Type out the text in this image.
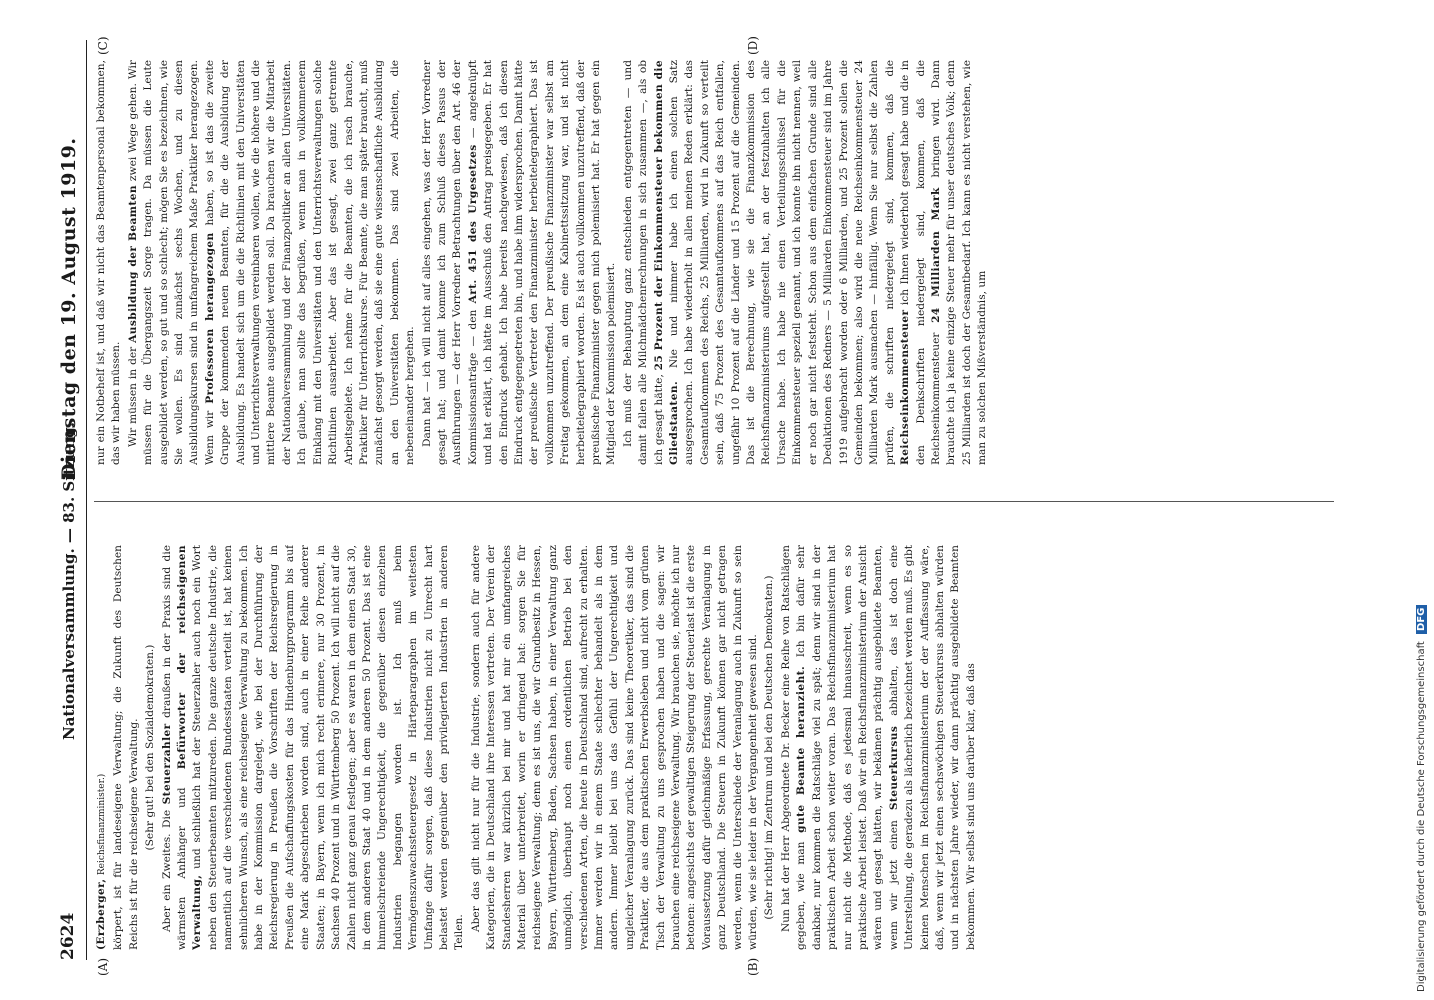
2624
Nationalversammlung. — 83. Sitzung.
Dienstag den 19. August 1919.
(A)	(B)
(C)	(D)

(Erzberger, Reichsfinanzminister.) körpert, ist für landeseigene Verwaltung; die Zukunft des Deutschen Reichs ist für die reichseigene Verwaltung. (Sehr gut! bei den Sozialdemokraten.)

Aber ein Zweites. Die Steuerzahler draußen in der Praxis sind die wärmsten Anhänger und Befürworter der reichseigenen Verwaltung, und schließlich hat der Steuerzahler auch noch ein Wort neben den Steuerbeamten mitzureden. Die ganze deutsche Industrie, die namentlich auf die verschiedenen Bundesstaaten verteilt ist, hat keinen sehnlicheren Wunsch, als eine reichseigene Verwaltung zu bekommen. Ich habe in der Kommission dargelegt, wie bei der Durchführung der Reichsregierung in Preußen die Vorschriften der Reichsregierung in Preußen die Aufschaffungskosten für das Hindenburgprogramm bis auf eine Mark abgeschrieben worden sind, auch in einer Reihe anderer Staaten; in Bayern, wenn ich mich recht erinnere, nur 30 Prozent, in Sachsen 40 Prozent und in Württemberg 50 Prozent. Ich will nicht auf die Zahlen nicht ganz genau festlegen; aber es waren in dem einen Staat 30, in dem anderen Staat 40 und in dem anderen 50 Prozent. Das ist eine himmelschreiende Ungerechtigkeit, die gegenüber diesen einzelnen Industrien begangen worden ist. Ich muß beim Vermögenszuwachssteuergesetz in Härteparagraphen im weitesten Umfange dafür sorgen, daß diese Industrien nicht zu Unrecht hart belastet werden gegenüber den privilegierten Industrien in anderen Teilen.

Aber das gilt nicht nur für die Industrie, sondern auch für andere Kategorien, die in Deutschland ihre Interessen vertreten. Der Verein der Standesherren war kürzlich bei mir und hat mir ein umfangreiches Material über unterbreitet, worin er dringend bat: sorgen Sie für reichseigene Verwaltung; denn es ist uns, die wir Grundbesitz in Hessen, Bayern, Württemberg, Baden, Sachsen haben, in einer Verwaltung ganz unmöglich, überhaupt noch einen ordentlichen Betrieb bei den verschiedenen Arten, die heute in Deutschland sind, aufrecht zu erhalten. Immer werden wir in einem Staate schlechter behandelt als in dem andern. Immer bleibt bei uns das Gefühl der Ungerechtigkeit und ungleicher Veranlagung zurück. Das sind keine Theoretiker, das sind die Praktiker, die aus dem praktischen Erwerbsleben und nicht vom grünen Tisch der Verwaltung zu uns gesprochen haben und die sagen: wir brauchen eine reichseigene Verwaltung. Wir brauchen sie, möchte ich nur betonen: angesichts der gewaltigen Steigerung der Steuerlast ist die erste Voraussetzung dafür gleichmäßige Erfassung, gerechte Veranlagung in ganz Deutschland. Die Steuern in Zukunft können gar nicht getragen werden, wenn die Unterschiede der Veranlagung auch in Zukunft so sein würden, wie sie leider in der Vergangenheit gewesen sind. (Sehr richtig! im Zentrum und bei den Deutschen Demokraten.) Nun hat der Herr Abgeordnete Dr. Becker eine Reihe von Ratschlägen gegeben, wie man gute Beamte heranzieht. Ich bin dafür sehr dankbar, nur kommen die Ratschläge viel zu spät; denn wir sind in der praktischen Arbeit schon weiter voran. Das Reichsfinanzministerium hat nur nicht die Methode, daß es jedesmal hinausschreit, wenn es so praktische Arbeit leistet. Daß wir ein Reichsfinanzministerium der Ansicht wären und gesagt hätten, wir bekämen prächtig ausgebildete Beamten, wenn wir jetzt einen Steuerkursus abhalten, das ist doch eine Unterstellung, die geradezu als lächerlich bezeichnet werden muß. Es gibt keinen Menschen im Reichsfinanzministerium der der Auffassung wäre, daß, wenn wir jetzt einen sechswöchigen Steuerkursus abhalten würden und in nächsten Jahre wieder, wir dann prächtig ausgebildete Beamten bekommen. Wir selbst sind uns darüber klar, daß das

nur ein Notbehelf ist, und daß wir nicht das Beamtenpersonal bekommen, das wir haben müssen. Wir müssen in der Ausbildung der Beamten zwei Wege gehen. Wir müssen für die Übergangszeit Sorge tragen. Da müssen die Leute ausgebildet werden, so gut und so schlecht; mögen Sie es bezeichnen, wie Sie wollen. Es sind zunächst sechs Wochen, und zu diesen Ausbildungskursen sind in umfangreichem Maße Praktiker herangezogen. Wenn wir Professoren herangezogen haben, so ist das die zweite Gruppe der kommenden neuen Beamten, für die die Ausbildung der Ausbildung. Es handelt sich um die die Richtlinien mit den Universitäten und Unterrichtsverwaltungen vereinbaren wollen, wie die höhere und die mittlere Beamte ausgebildet werden soll. Da brauchen wir die Mitarbeit der Nationalversammlung und der Finanzpolitiker an allen Universitäten. Ich glaube, man sollte das begrüßen, wenn man in vollkommenem Einklang mit den Universitäten und den Unterrichtsverwaltungen solche Richtlinien ausarbeitet. Aber das ist gesagt, zwei ganz getrennte Arbeitsgebiete. Ich nehme für die Beamten, die ich rasch brauche, Praktiker für Unterrichtskurse. Für Beamte, die man später braucht, muß zunächst gesorgt werden, daß sie eine gute wissenschaftliche Ausbildung an den Universitäten bekommen. Das sind zwei Arbeiten, die nebeneinander hergehen. Dann hat — ich will nicht auf alles eingehen, was der Herr Vorredner gesagt hat; und damit komme ich zum Schluß dieses Passus der Ausführungen — der Herr Vorredner Betrachtungen über den Art. 46 der Kommissionsanträge — den Art. 451 des Urgesetzes — angeknüpft und hat erklärt, ich hätte im Ausschuß den Antrag preisgegeben. Er hat den Eindruck gehabt. Ich habe bereits nachgewiesen, daß ich diesen Eindruck entgegengetreten bin, und habe ihm widersprochen. Damit hätte der preußische Vertreter den Finanzminister herbeitelegraphiert. Das ist vollkommen unzutreffend. Der preußische Finanzminister war selbst am Freitag gekommen, an dem eine Kabinettssitzung war, und ist nicht herbeitelegraphiert worden. Es ist auch vollkommen unzutreffend, daß der preußische Finanzminister gegen mich polemisiert hat. Er hat gegen ein Mitglied der Kommission polemisiert. Ich muß der Behauptung ganz entschieden entgegentreten — und damit fallen alle Milchmädchenrechnungen in sich zusammen —, als ob ich gesagt hätte, 25 Prozent der Einkommensteuer bekommen die Gliedstaaten. Nie und nimmer habe ich einen solchen Satz ausgesprochen. Ich habe wiederholt in allen meinen Reden erklärt: das Gesamtaufkommen des Reichs, 25 Milliarden, wird in Zukunft so verteilt sein, daß 75 Prozent des Gesamtaufkommens auf das Reich entfallen, ungefähr 10 Prozent auf die Länder und 15 Prozent auf die Gemeinden. Das ist die Berechnung, wie sie die Finanzkommission des Reichsfinanzministeriums aufgestellt hat, an der festzuhalten ich alle Ursache habe. Ich habe nie einen Verteilungsschlüssel für die Einkommensteuer speziell genannt, und ich konnte ihn nicht nennen, weil er noch gar nicht feststeht. Schon aus dem einfachen Grunde sind alle Deduktionen des Redners — 5 Milliarden Einkommensteuer sind im Jahre 1919 aufgebracht worden oder 6 Milliarden, und 25 Prozent sollen die Gemeinden bekommen; also wird die neue Reichseinkommensteuer 24 Milliarden Mark ausmachen — hinfällig. Wenn Sie nur selbst die Zahlen prüfen, die schriften niedergelegt sind, kommen, daß die Reichseinkommensteuer ich Ihnen wiederholt gesagt habe und die in den Denkschriften niedergelegt sind, kommen, daß die Reichseinkommensteuer 24 Milliarden Mark bringen wird. Dann brauchte ich ja keine einzige Steuer mehr für unser deutsches Volk; denn 25 Milliarden ist doch der Gesamtbedarf. Ich kann es nicht verstehen, wie man zu solchen Mißverständnis, um

Digitalisierung gefördert durch die Deutsche Forschungsgemeinschaft DFG
